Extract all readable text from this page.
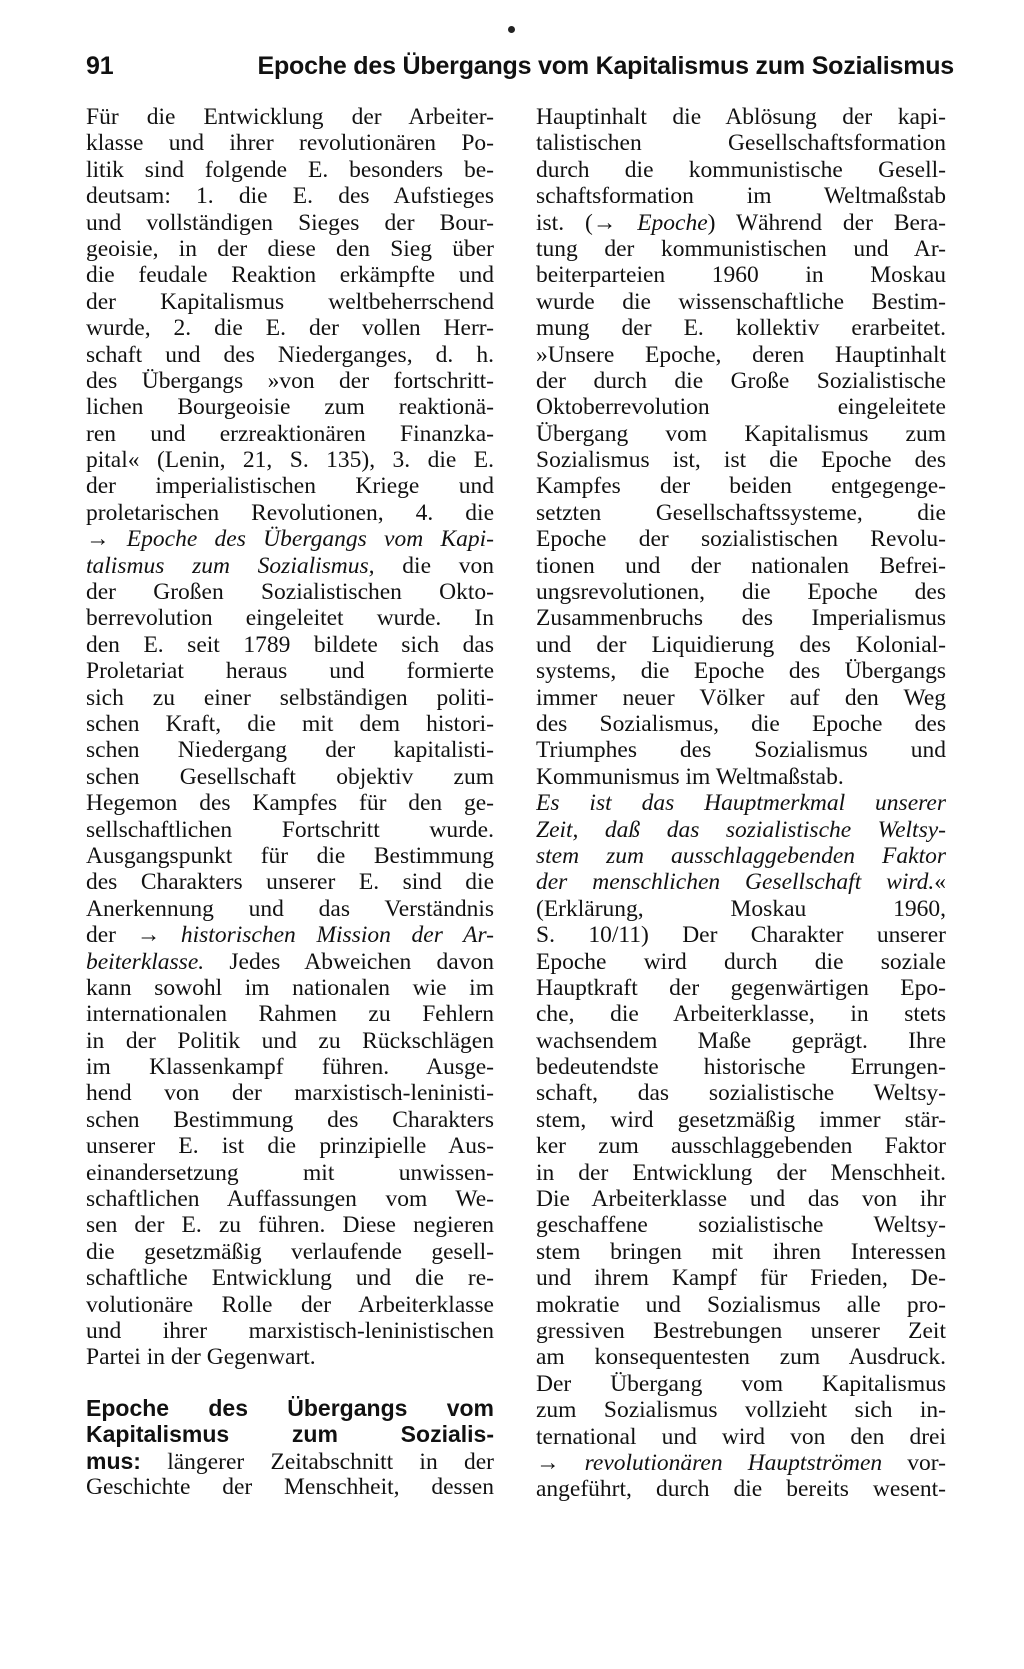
91	Epoche des Übergangs vom Kapitalismus zum Sozialismus
Für die Entwicklung der Arbeiter-
klasse und ihrer revolutionären Po-
litik sind folgende E. besonders be-
deutsam: 1. die E. des Aufstieges
und vollständigen Sieges der Bour-
geoisie, in der diese den Sieg über
die feudale Reaktion erkämpfte und
der Kapitalismus weltbeherrschend
wurde, 2. die E. der vollen Herr-
schaft und des Niederganges, d. h.
des Übergangs »von der fortschritt-
lichen Bourgeoisie zum reaktionä-
ren und erzreaktionären Finanzka-
pital« (Lenin, 21, S. 135), 3. die E.
der imperialistischen Kriege und
proletarischen Revolutionen, 4. die
→ Epoche des Übergangs vom Kapi-
talismus zum Sozialismus, die von
der Großen Sozialistischen Okto-
berrevolution eingeleitet wurde. In
den E. seit 1789 bildete sich das
Proletariat heraus und formierte
sich zu einer selbständigen politi-
schen Kraft, die mit dem histori-
schen Niedergang der kapitalisti-
schen Gesellschaft objektiv zum
Hegemon des Kampfes für den ge-
sellschaftlichen Fortschritt wurde.
Ausgangspunkt für die Bestimmung
des Charakters unserer E. sind die
Anerkennung und das Verständnis
der → historischen Mission der Ar-
beiterklasse. Jedes Abweichen davon
kann sowohl im nationalen wie im
internationalen Rahmen zu Fehlern
in der Politik und zu Rückschlägen
im Klassenkampf führen. Ausge-
hend von der marxistisch-leninisti-
schen Bestimmung des Charakters
unserer E. ist die prinzipielle Aus-
einandersetzung mit unwissen-
schaftlichen Auffassungen vom We-
sen der E. zu führen. Diese negieren
die gesetzmäßig verlaufende gesell-
schaftliche Entwicklung und die re-
volutionäre Rolle der Arbeiterklasse
und ihrer marxistisch-leninistischen
Partei in der Gegenwart.
Epoche des Übergangs vom
Kapitalismus zum Sozialis-
mus: längerer Zeitabschnitt in der
Geschichte der Menschheit, dessen
Hauptinhalt die Ablösung der kapi-
talistischen Gesellschaftsformation
durch die kommunistische Gesell-
schaftsformation im Weltmaßstab
ist. (→ Epoche) Während der Bera-
tung der kommunistischen und Ar-
beiterparteien 1960 in Moskau
wurde die wissenschaftliche Bestim-
mung der E. kollektiv erarbeitet.
»Unsere Epoche, deren Hauptinhalt
der durch die Große Sozialistische
Oktoberrevolution eingeleitete
Übergang vom Kapitalismus zum
Sozialismus ist, ist die Epoche des
Kampfes der beiden entgegenge-
setzten Gesellschaftssysteme, die
Epoche der sozialistischen Revolu-
tionen und der nationalen Befrei-
ungsrevolutionen, die Epoche des
Zusammenbruchs des Imperialismus
und der Liquidierung des Kolonial-
systems, die Epoche des Übergangs
immer neuer Völker auf den Weg
des Sozialismus, die Epoche des
Triumphes des Sozialismus und
Kommunismus im Weltmaßstab.
Es ist das Hauptmerkmal unserer
Zeit, daß das sozialistische Weltsy-
stem zum ausschlaggebenden Faktor
der menschlichen Gesellschaft wird.«
(Erklärung, Moskau 1960,
S. 10/11) Der Charakter unserer
Epoche wird durch die soziale
Hauptkraft der gegenwärtigen Epo-
che, die Arbeiterklasse, in stets
wachsendem Maße geprägt. Ihre
bedeutendste historische Errungen-
schaft, das sozialistische Weltsy-
stem, wird gesetzmäßig immer stär-
ker zum ausschlaggebenden Faktor
in der Entwicklung der Menschheit.
Die Arbeiterklasse und das von ihr
geschaffene sozialistische Weltsy-
stem bringen mit ihren Interessen
und ihrem Kampf für Frieden, De-
mokratie und Sozialismus alle pro-
gressiven Bestrebungen unserer Zeit
am konsequentesten zum Ausdruck.
Der Übergang vom Kapitalismus
zum Sozialismus vollzieht sich in-
ternational und wird von den drei
→ revolutionären Hauptströmen vor-
angeführt, durch die bereits wesent-
